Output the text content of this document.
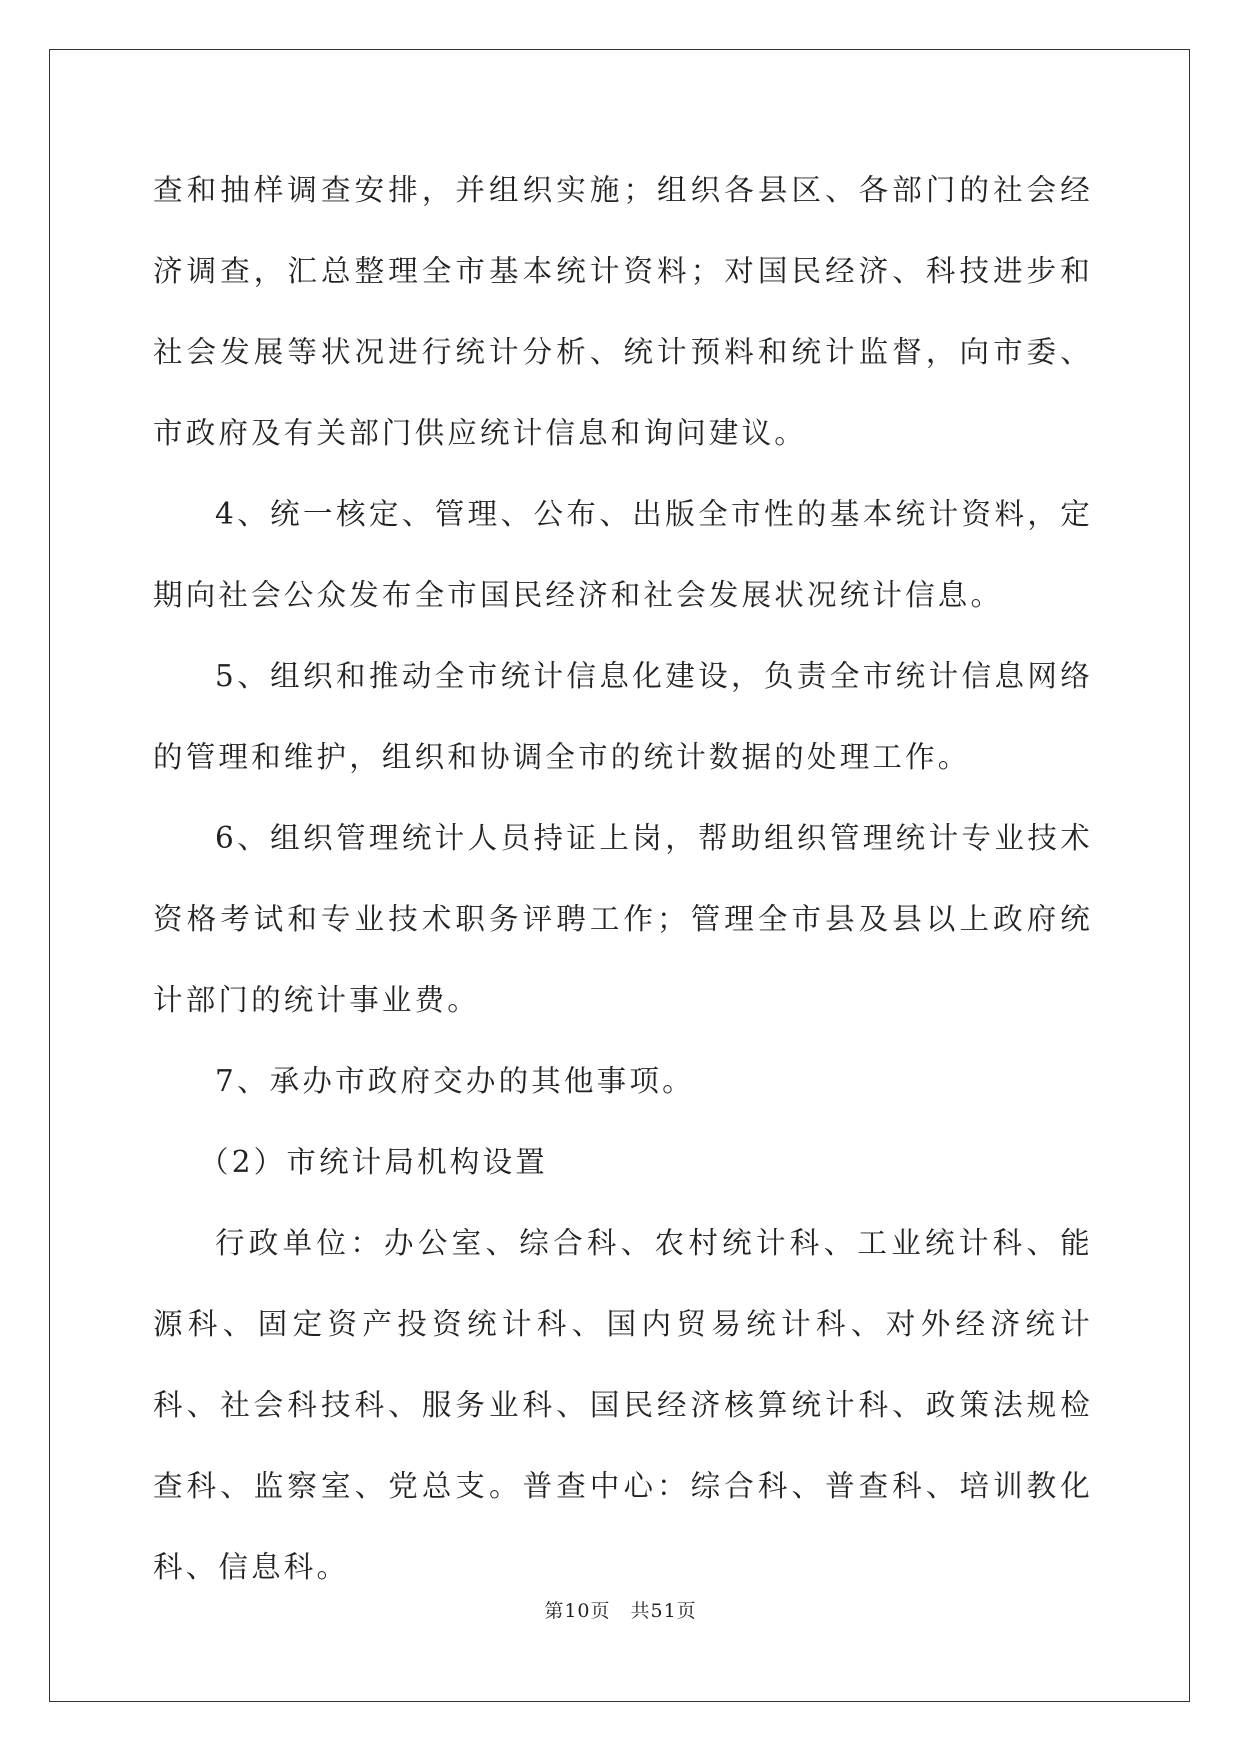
查和抽样调查安排，并组织实施；组织各县区、各部门的社会经济调查，汇总整理全市基本统计资料；对国民经济、科技进步和社会发展等状况进行统计分析、统计预料和统计监督，向市委、市政府及有关部门供应统计信息和询问建议。

4、统一核定、管理、公布、出版全市性的基本统计资料，定期向社会公众发布全市国民经济和社会发展状况统计信息。

5、组织和推动全市统计信息化建设，负责全市统计信息网络的管理和维护，组织和协调全市的统计数据的处理工作。

6、组织管理统计人员持证上岗，帮助组织管理统计专业技术资格考试和专业技术职务评聘工作；管理全市县及县以上政府统计部门的统计事业费。

7、承办市政府交办的其他事项。

（2）市统计局机构设置

行政单位：办公室、综合科、农村统计科、工业统计科、能源科、固定资产投资统计科、国内贸易统计科、对外经济统计科、社会科技科、服务业科、国民经济核算统计科、政策法规检查科、监察室、党总支。普查中心：综合科、普查科、培训教化科、信息科。

第10页　共51页
